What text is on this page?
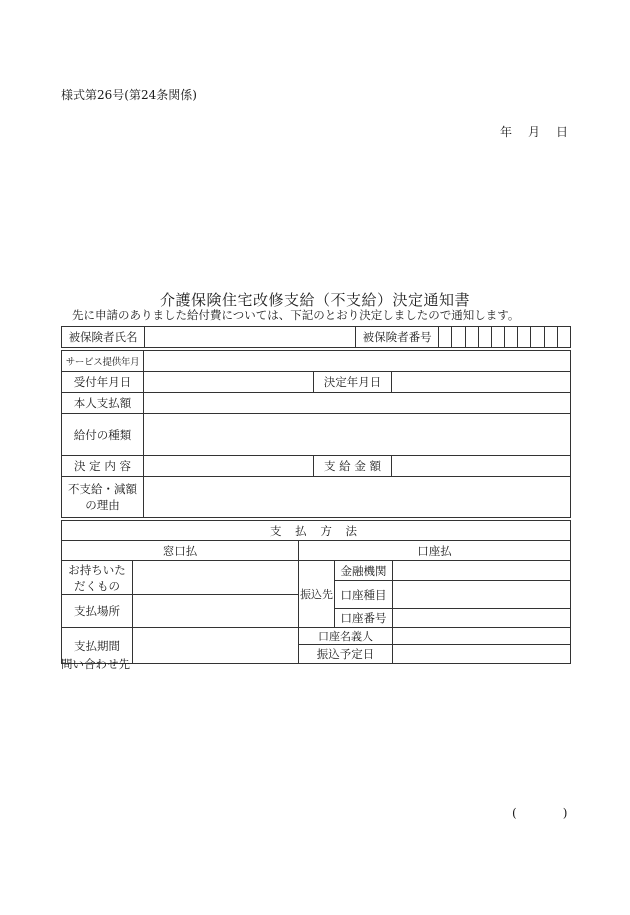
様式第26号(第24条関係)
年 月 日
介護保険住宅改修支給（不支給）決定通知書
先に申請のありました給付費については、下記のとおり決定しましたので通知します。
被保険者氏名		被保険者番号										
サービス提供年月			
受付年月日		決定年月日	
本人支払額			
給付の種類			
決 定 内 容		支 給 金 額	

不支給・減額
の理由			

支 払 方 法				
窓口払		口座払		

お持ちいた
だくもの		振込先	金融機関	
			口座種目	
支払場所				
			口座番号	
支払期間		口座名義人		
		振込予定日		
問い合わせ先
(	)
